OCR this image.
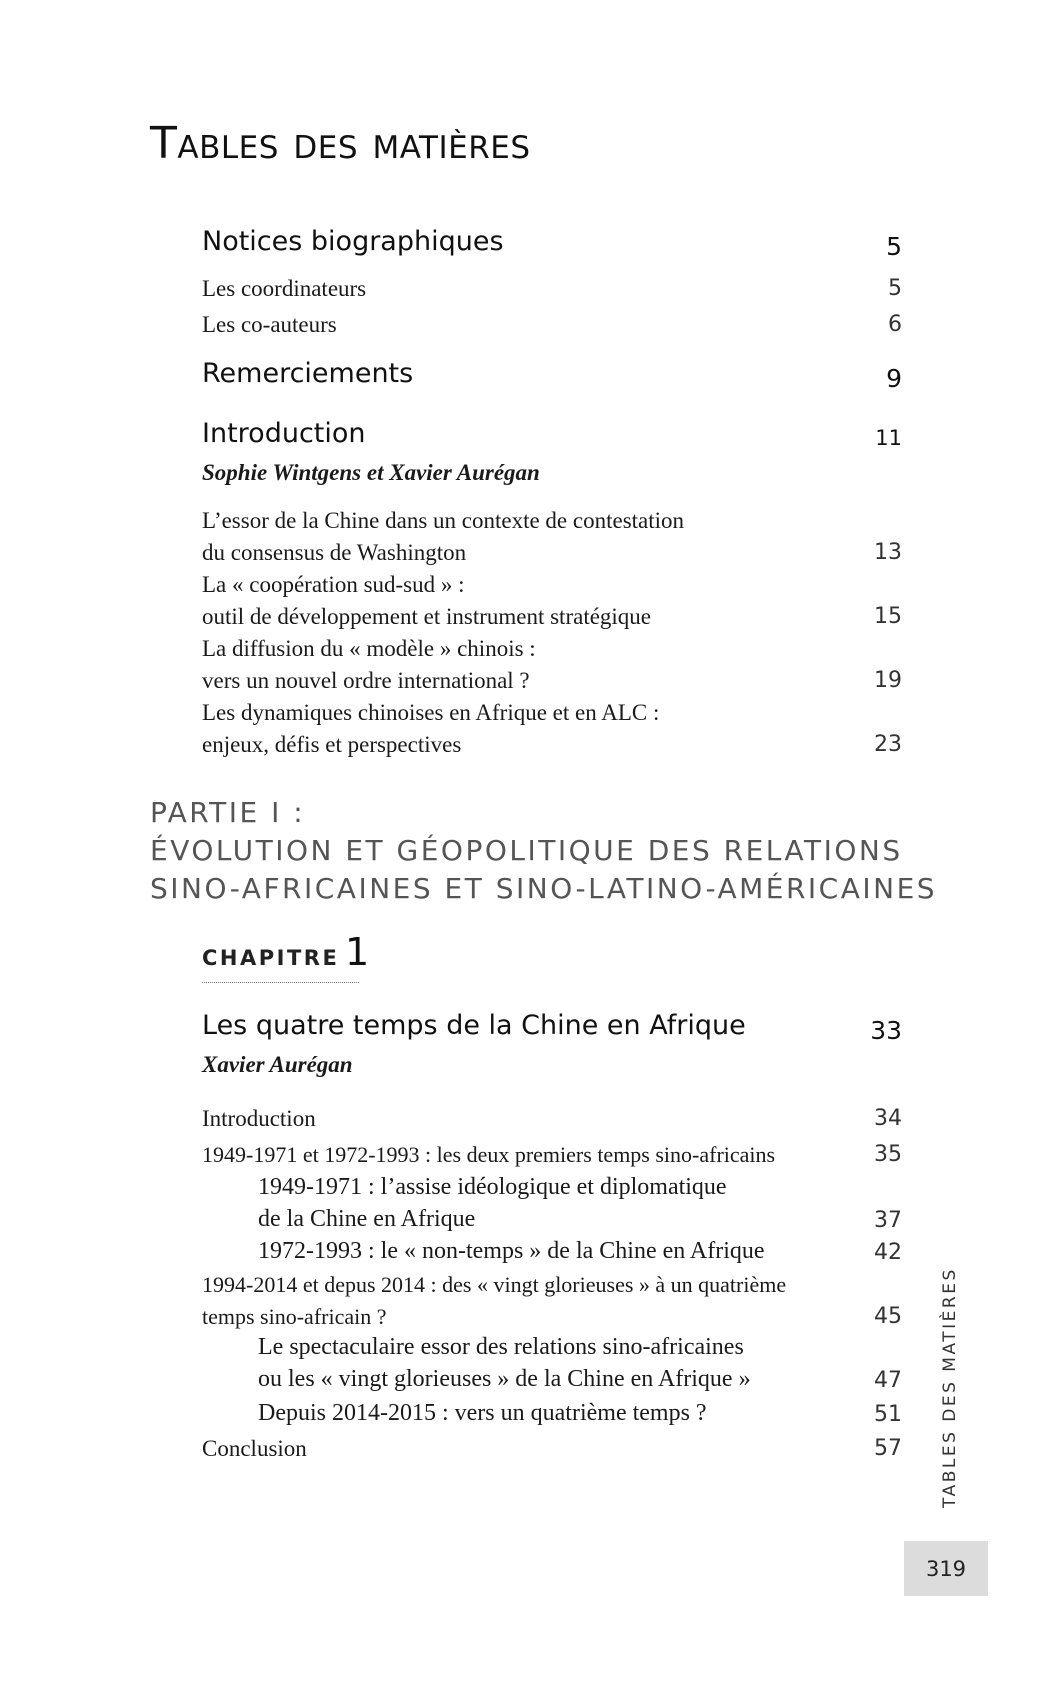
Tables des matières
Notices biographiques	5
Les coordinateurs	5
Les co-auteurs	6
Remerciements	9
Introduction	11
Sophie Wintgens et Xavier Aurégan
L’essor de la Chine dans un contexte de contestation
du consensus de Washington	13
La « coopération sud-sud » :
outil de développement et instrument stratégique	15
La diffusion du « modèle » chinois :
vers un nouvel ordre international ?	19
Les dynamiques chinoises en Afrique et en ALC :
enjeux, défis et perspectives	23
PARTIE I :
ÉVOLUTION ET GÉOPOLITIQUE DES RELATIONS
SINO-AFRICAINES ET SINO-LATINO-AMÉRICAINES
CHAPITRE 1
Les quatre temps de la Chine en Afrique	33
Xavier Aurégan
Introduction	34
1949-1971 et 1972-1993 : les deux premiers temps sino-africains	35
1949-1971 : l’assise idéologique et diplomatique
de la Chine en Afrique	37
1972-1993 : le « non-temps » de la Chine en Afrique	42
1994-2014 et depus 2014 : des « vingt glorieuses » à un quatrième
temps sino-africain ?	45
Le spectaculaire essor des relations sino-africaines
ou les « vingt glorieuses » de la Chine en Afrique »	47
Depuis 2014-2015 : vers un quatrième temps ?	51
Conclusion	57 TABLES DES MATIÈRES
319
